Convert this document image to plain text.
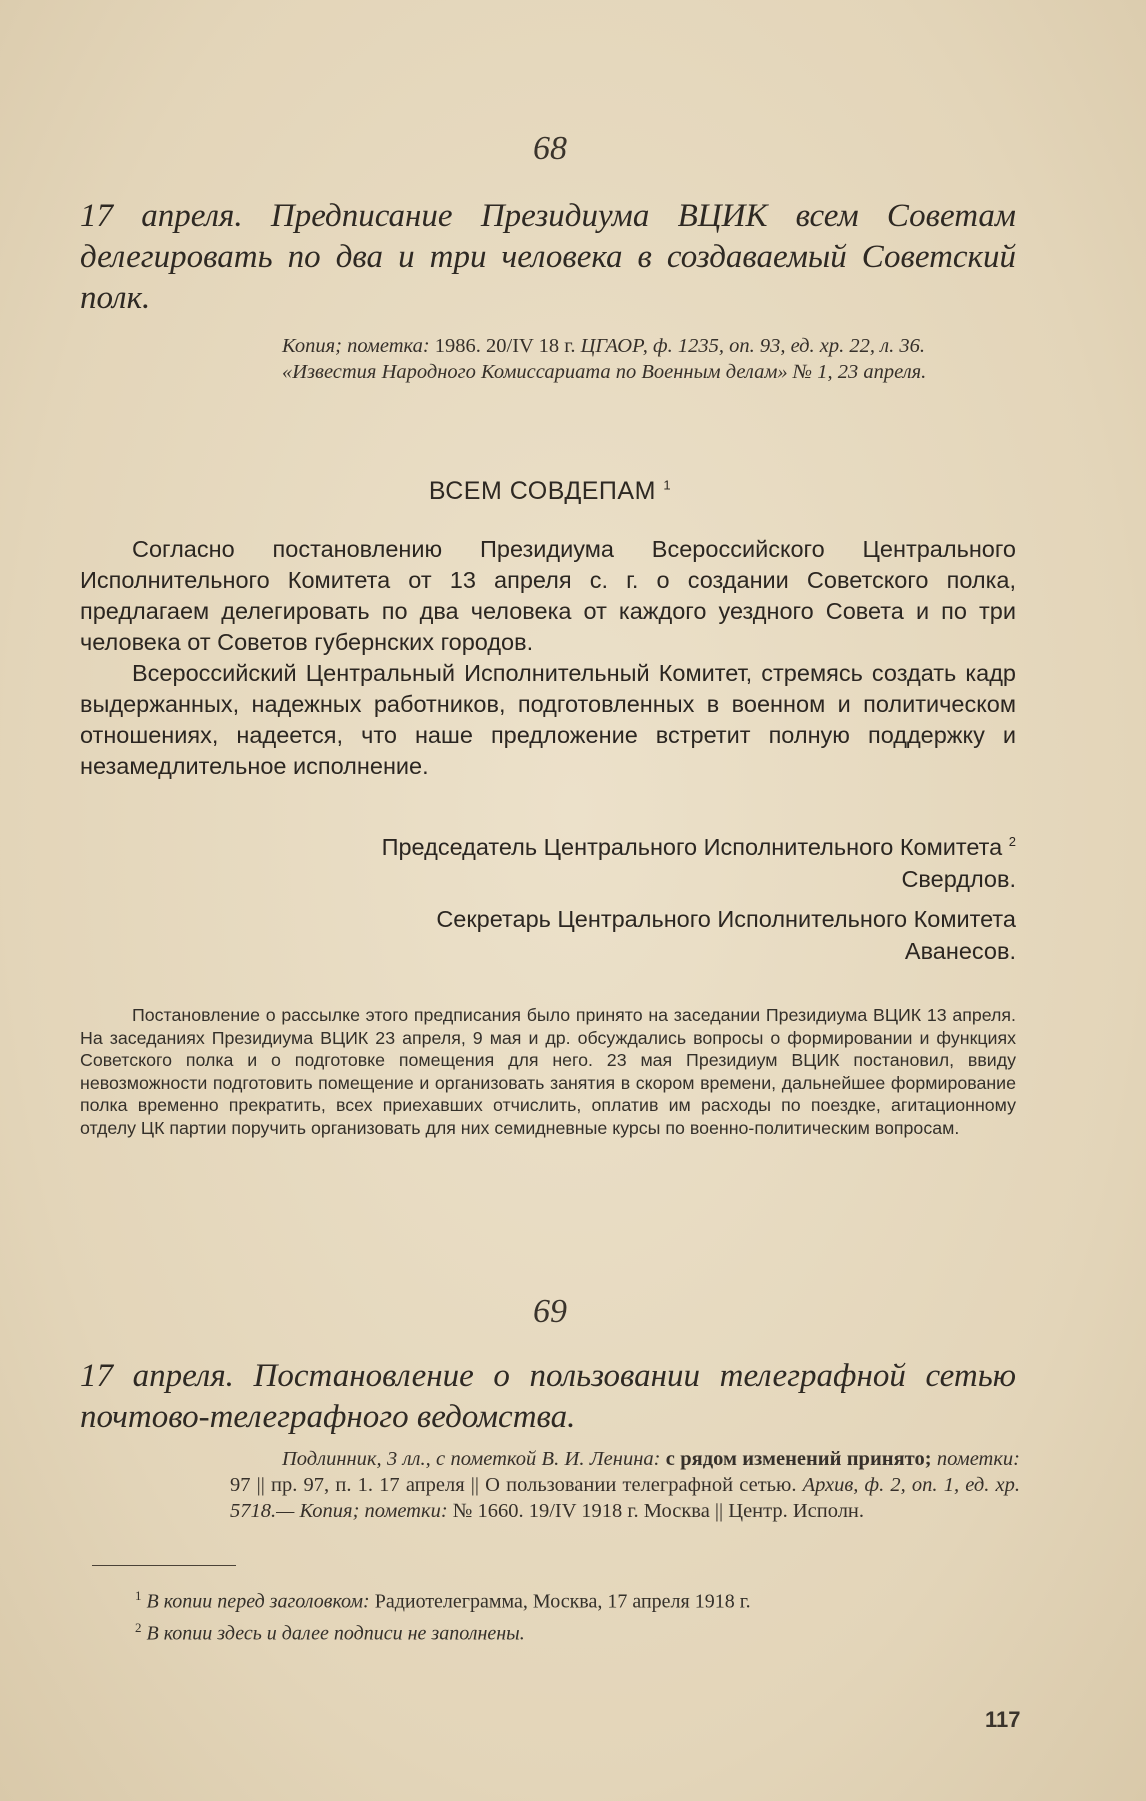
68
17 апреля. Предписание Президиума ВЦИК всем Советам делегировать по два и три человека в создаваемый Советский полк.
Копия; пометка: 1986. 20/IV 18 г. ЦГАОР, ф. 1235, оп. 93, ед. хр. 22, л. 36.
«Известия Народного Комиссариата по Военным делам» № 1, 23 апреля.
ВСЕМ СОВДЕПАМ $^1$

Согласно постановлению Президиума Всероссийского Центрального Исполнительного Комитета от 13 апреля с. г. о создании Советского полка, предлагаем делегировать по два человека от каждого уездного Совета и по три человека от Советов губернских городов.

Всероссийский Центральный Исполнительный Комитет, стремясь создать кадр выдержанных, надежных работников, подготовленных в военном и политическом отношениях, надеется, что наше предложение встретит полную поддержку и незамедлительное исполнение.

Председатель Центрального Исполнительного Комитета $^2$
Свердлов.
Секретарь Центрального Исполнительного Комитета
Аванесов.

Постановление о рассылке этого предписания было принято на заседании Президиума ВЦИК 13 апреля. На заседаниях Президиума ВЦИК 23 апреля, 9 мая и др. обсуждались вопросы о формировании и функциях Советского полка и о подготовке помещения для него. 23 мая Президиум ВЦИК постановил, ввиду невозможности подготовить помещение и организовать занятия в скором времени, дальнейшее формирование полка временно прекратить, всех приехавших отчислить, оплатив им расходы по поездке, агитационному отделу ЦК партии поручить организовать для них семидневные курсы по военно-политическим вопросам.

69
17 апреля. Постановление о пользовании телеграфной сетью почтово-телеграфного ведомства.
Подлинник, 3 лл., с пометкой В. И. Ленина: с рядом изменений принято; пометки: 97 || пр. 97, п. 1. 17 апреля || О пользовании телеграфной сетью. Архив, ф. 2, оп. 1, ед. хр. 5718.— Копия; пометки: № 1660. 19/IV 1918 г. Москва || Центр. Исполн.
$^1$ В копии перед заголовком: Радиотелеграмма, Москва, 17 апреля 1918 г.
$^2$ В копии здесь и далее подписи не заполнены.
117
